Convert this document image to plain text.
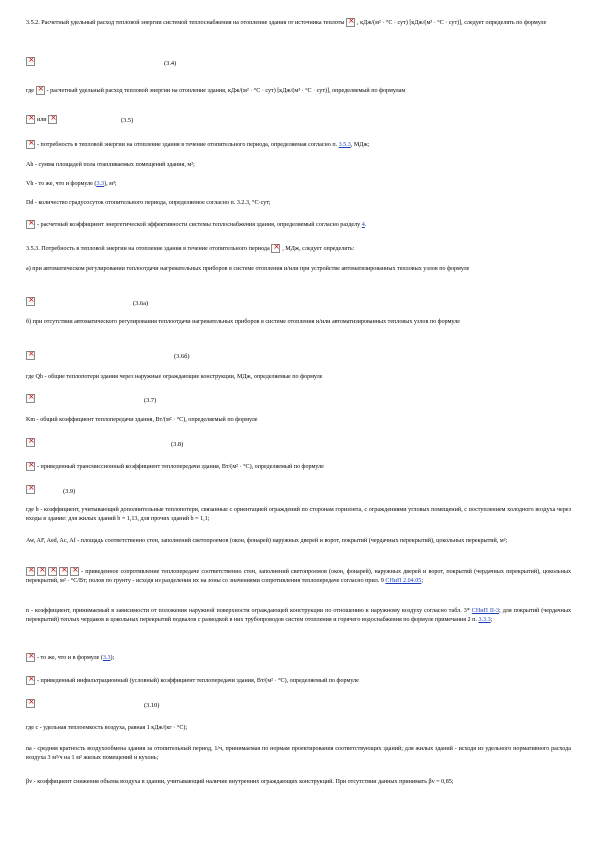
3.5.2. Расчетный удельный расход тепловой энергии системой теплоснабжения на отопление здания от источника теплоты × , кДж/(м² · °С · сут) [кДж/(м³ · °С · сут)], следует определять по формуле

×

(3.4)

где × - расчетный удельный расход тепловой энергии на отопление здания, кДж/(м² · °С · сут) [кДж/(м³ · °С · сут)], определяемый по формулам

×или ×	(3.5)

×- потребность в тепловой энергии на отопление здания в течение отопительного периода, определяемая согласно п. 3.5.3, МДж;

Ah - сумма площадей пола отапливаемых помещений здания, м²;

Vh - то же, что и формуле (3.3), м³;

Dd - количество градусосуток отопительного периода, определяемое согласно п. 3.2.3, °С·сут;

×- расчетный коэффициент энергетической эффективности системы теплоснабжения здания, определяемый согласно разделу 4.

3.5.3. Потребность в тепловой энергии на отопление здания в течение отопительного периода × , МДж, следует определять:

а) при автоматическом регулировании теплоотдачи нагревательных приборов в системе отопления и/или при устройстве автоматизированных тепловых узлов по формуле

×

(3.6а)

б) при отсутствии автоматического регулирования теплоотдачи нагревательных приборов в системе отопления и/или автоматизированных тепловых узлов по формуле

×

(3.6б)

где Qh - общие теплопотери здания через наружные ограждающие конструкции, МДж, определяемые по формуле

×

(3.7)

Km - общий коэффициент теплопередачи здания, Вт/(м² · °С), определяемый по формуле

×

(3.8)

×- приведенный трансмиссионный коэффициент теплопередачи здания, Вт/(м² · °С), определяемый по формуле

×

(3.9)

где b - коэффициент, учитывающий дополнительные теплопотери, связанные с ориентацией ограждений по сторонам горизонта, с ограждениями угловых помещений, с поступлением холодного воздуха через входы в здание: для жилых зданий b = 1,13, для прочих зданий b = 1,1;

Aw, AF, Aed, Ac, Af - площадь соответственно стен, заполнений светопроемов (окон, фонарей) наружных дверей и ворот, покрытий (чердачных перекрытий), цокольных перекрытий, м²;

×××××- приведенное сопротивление теплопередаче соответственно стен, заполнений светопроемов (окон, фонарей), наружных дверей и ворот, покрытий (чердачных перекрытий), цокольных перекрытий, м² · °С/Вт; полов по грунту - исходя из разделения их на зоны со значениями сопротивления теплопередаче согласно прил. 9 СНиП 2.04.05;

n - коэффициент, принимаемый в зависимости от положения наружной поверхности ограждающей конструкции по отношению к наружному воздуху согласно табл. 3* СНиП II-3; для покрытий (чердачных перекрытий) теплых чердаков и цокольных перекрытий подвалов с разводкой в них трубопроводов систем отопления и горячего водоснабжения по формуле примечания 2 п. 3.3.3;

×- то же, что и в формуле (3.3);

×- приведенный инфильтрационный (условный) коэффициент теплопередачи здания, Вт/(м² · °С), определяемый по формуле

×

(3.10)

где c - удельная теплоемкость воздуха, равная 1 кДж/(кг · °С);

na - средняя кратность воздухообмена здания за отопительный период, 1/ч, принимаемая по нормам проектирования соответствующих зданий; для жилых зданий - исходя из удельного нормативного расхода воздуха 3 м³/ч на 1 м² жилых помещений и кухонь;

βv - коэффициент снижения объема воздуха в здании, учитывающий наличие внутренних ограждающих конструкций. При отсутствии данных принимать βv = 0,85;
